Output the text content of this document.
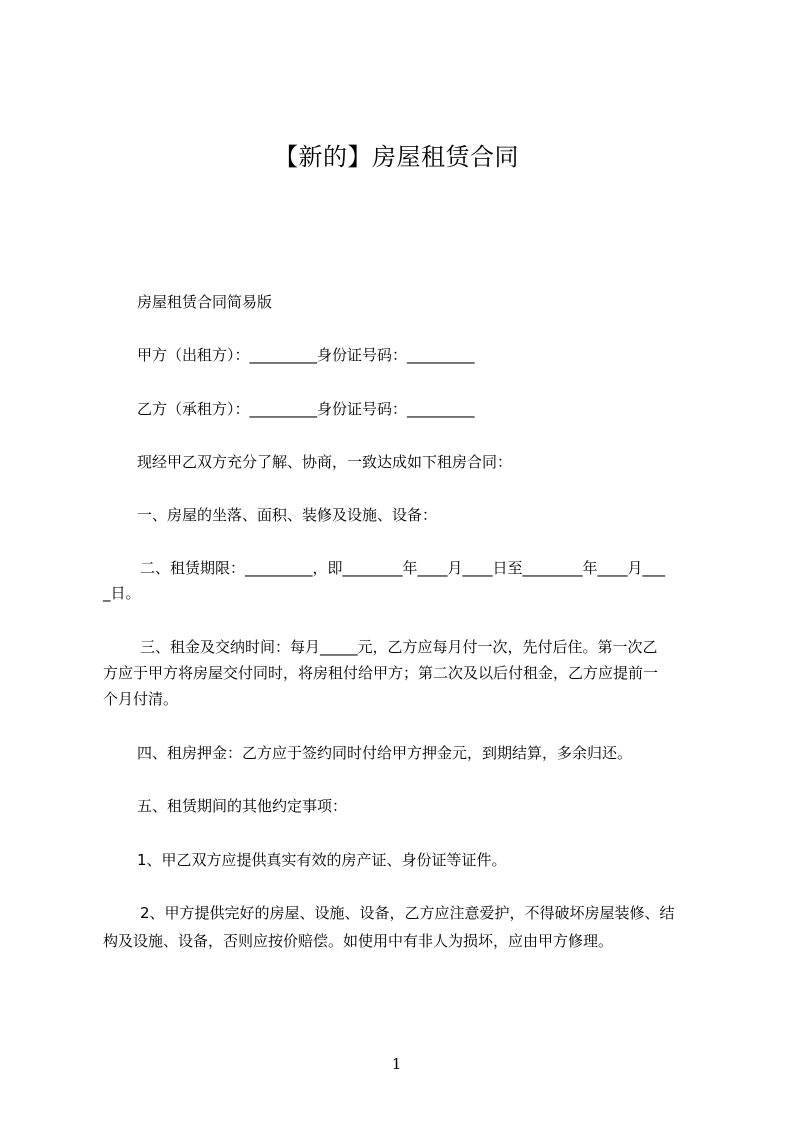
【新的】房屋租赁合同
房屋租赁合同简易版
甲方（出租方）：_________身份证号码：_________
乙方（承租方）：_________身份证号码：_________
现经甲乙双方充分了解、协商，一致达成如下租房合同：
一、房屋的坐落、面积、装修及设施、设备：
二、租赁期限：_________，即________年____月____日至________年____月___
_日。
三、租金及交纳时间：每月_____元，乙方应每月付一次，先付后住。第一次乙
方应于甲方将房屋交付同时，将房租付给甲方；第二次及以后付租金，乙方应提前一
个月付清。
四、租房押金：乙方应于签约同时付给甲方押金元，到期结算，多余归还。
五、租赁期间的其他约定事项：
1、甲乙双方应提供真实有效的房产证、身份证等证件。
2、甲方提供完好的房屋、设施、设备，乙方应注意爱护，不得破坏房屋装修、结
构及设施、设备，否则应按价赔偿。如使用中有非人为损坏，应由甲方修理。
1
